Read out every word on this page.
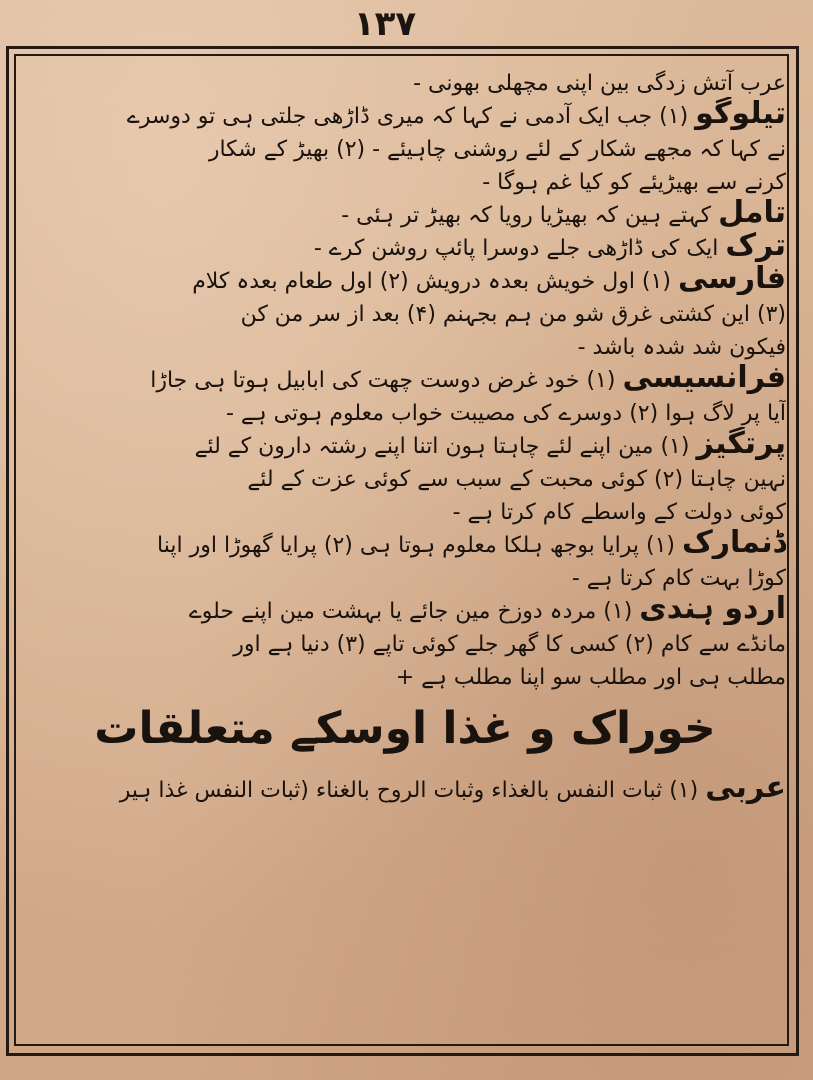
۱۳۷
عرب آتش زدگی بین اپنی مچھلی بھونی -
تیلوگو (۱) جب ایک آدمی نے کہا کہ میری ڈاڑھی جلتی ہی تو دوسرے
نے کہا کہ مجھے شکار کے لئے روشنی چاہیئے - (۲) بھیڑ کے شکار
کرنے سے بھیڑیئے کو کیا غم ہوگا -
تامل کہتے ہین کہ بھیڑیا رویا کہ بھیڑ تر ہئی -
ترک ایک کی ڈاڑھی جلے دوسرا پائپ روشن کرے -
فارسی (۱) اول خویش بعدہ درویش (۲) اول طعام بعدہ کلام
(۳) این کشتی غرق شو من ہم بجہنم (۴) بعد از سر من کن
فیکون شد شدہ باشد -
فرانسیسی (۱) خود غرض دوست چھت کی ابابیل ہوتا ہی جاڑا
آیا پر لاگ ہوا (۲) دوسرے کی مصیبت خواب معلوم ہوتی ہے -
پرتگیز (۱) مین اپنے لئے چاہتا ہون اتنا اپنے رشتہ دارون کے لئے
نہین چاہتا (۲) کوئی محبت کے سبب سے کوئی عزت کے لئے
کوئی دولت کے واسطے کام کرتا ہے -
ڈنمارک (۱) پرایا بوجھ ہلکا معلوم ہوتا ہی (۲) پرایا گھوڑا اور اپنا
کوڑا بہت کام کرتا ہے -
اردو ہندی (۱) مردہ دوزخ مین جائے یا بہشت مین اپنے حلوے
مانڈے سے کام (۲) کسی کا گھر جلے کوئی تاپے (۳) دنیا ہے اور
مطلب ہی اور مطلب سو اپنا مطلب ہے +
خوراک و غذا اوسکے متعلقات
عربی (۱) ثبات النفس بالغذاء وثبات الروح بالغناء (ثبات النفس غذا ہیر
